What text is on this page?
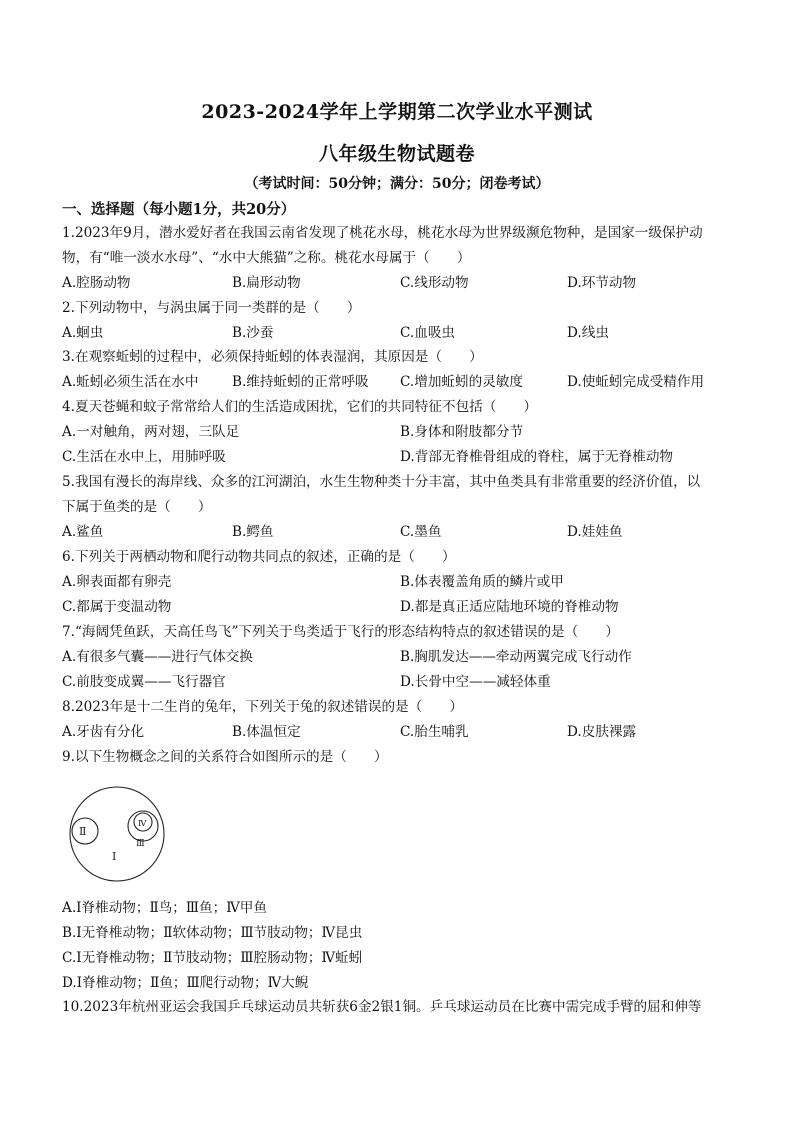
2023-2024学年上学期第二次学业水平测试
八年级生物试题卷
（考试时间：50分钟；满分：50分；闭卷考试）
一、选择题（每小题1分，共20分）
1.2023年9月，潜水爱好者在我国云南省发现了桃花水母，桃花水母为世界级濒危物种，是国家一级保护动
物，有“唯一淡水水母”、“水中大熊猫”之称。桃花水母属于（　　）
A.腔肠动物	B.扁形动物	C.线形动物	D.环节动物
2.下列动物中，与涡虫属于同一类群的是（　　）
A.蛔虫	B.沙蚕	C.血吸虫	D.线虫
3.在观察蚯蚓的过程中，必须保持蚯蚓的体表湿润，其原因是（　　）
A.蚯蚓必须生活在水中 B.维持蚯蚓的正常呼吸 C.增加蚯蚓的灵敏度	D.使蚯蚓完成受精作用
4.夏天苍蝇和蚊子常常给人们的生活造成困扰，它们的共同特征不包括（　　）
A.一对触角，两对翅，三队足	B.身体和附肢都分节
C.生活在水中上，用肺呼吸	D.背部无脊椎骨组成的脊柱，属于无脊椎动物
5.我国有漫长的海岸线、众多的江河湖泊，水生生物种类十分丰富，其中鱼类具有非常重要的经济价值，以
下属于鱼类的是（　　）
A.鲨鱼	B.鳄鱼	C.墨鱼	D.娃娃鱼
6.下列关于两栖动物和爬行动物共同点的叙述，正确的是（　　）
A.卵表面都有卵壳	B.体表覆盖角质的鳞片或甲
C.都属于变温动物	D.都是真正适应陆地环境的脊椎动物
7.“海阔凭鱼跃，天高任鸟飞”下列关于鸟类适于飞行的形态结构特点的叙述错误的是（　　）
A.有很多气囊——进行气体交换	B.胸肌发达——牵动两翼完成飞行动作
C.前肢变成翼——飞行器官	D.长骨中空——减轻体重
8.2023年是十二生肖的兔年，下列关于兔的叙述错误的是（　　）
A.牙齿有分化	B.体温恒定	C.胎生哺乳	D.皮肤裸露
9.以下生物概念之间的关系符合如图所示的是（　　）
Ⅰ
Ⅱ
Ⅲ
Ⅳ
A.Ⅰ脊椎动物；Ⅱ鸟；Ⅲ鱼；Ⅳ甲鱼
B.Ⅰ无脊椎动物；Ⅱ软体动物；Ⅲ节肢动物；Ⅳ昆虫
C.Ⅰ无脊椎动物；Ⅱ节肢动物；Ⅲ腔肠动物；Ⅳ蚯蚓
D.Ⅰ脊椎动物；Ⅱ鱼；Ⅲ爬行动物；Ⅳ大鲵
10.2023年杭州亚运会我国乒乓球运动员共斩获6金2银1铜。乒乓球运动员在比赛中需完成手臂的屈和伸等
